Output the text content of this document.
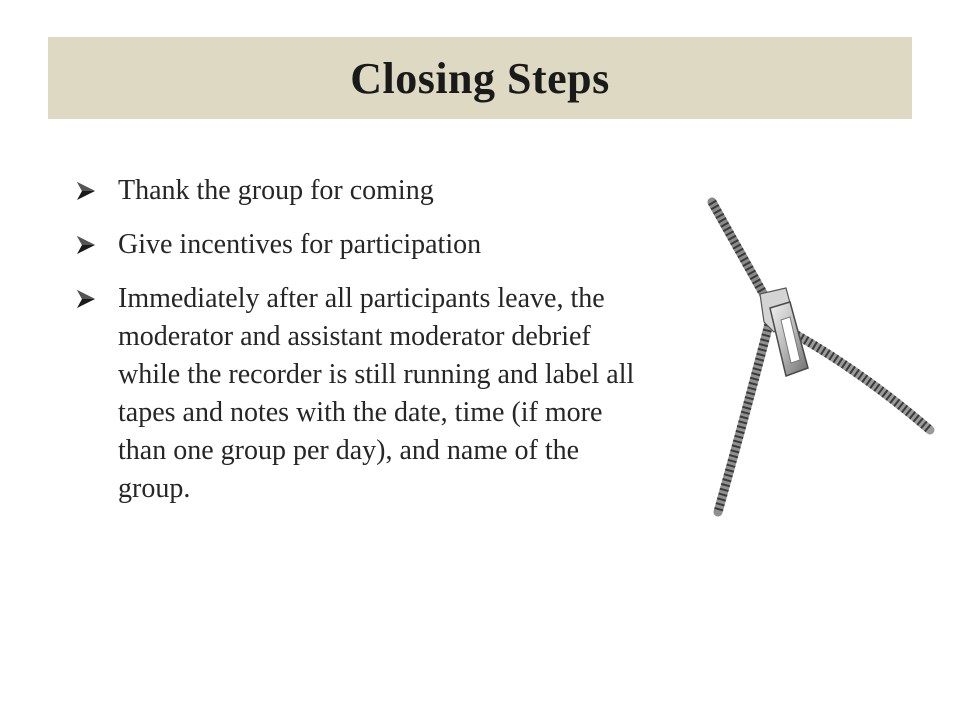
Closing Steps
Thank the group for coming
Give incentives for participation
Immediately after all participants leave, the moderator and assistant moderator debrief while the recorder is still running and label all tapes and notes with the date, time (if more than one group per day), and name of the group.
